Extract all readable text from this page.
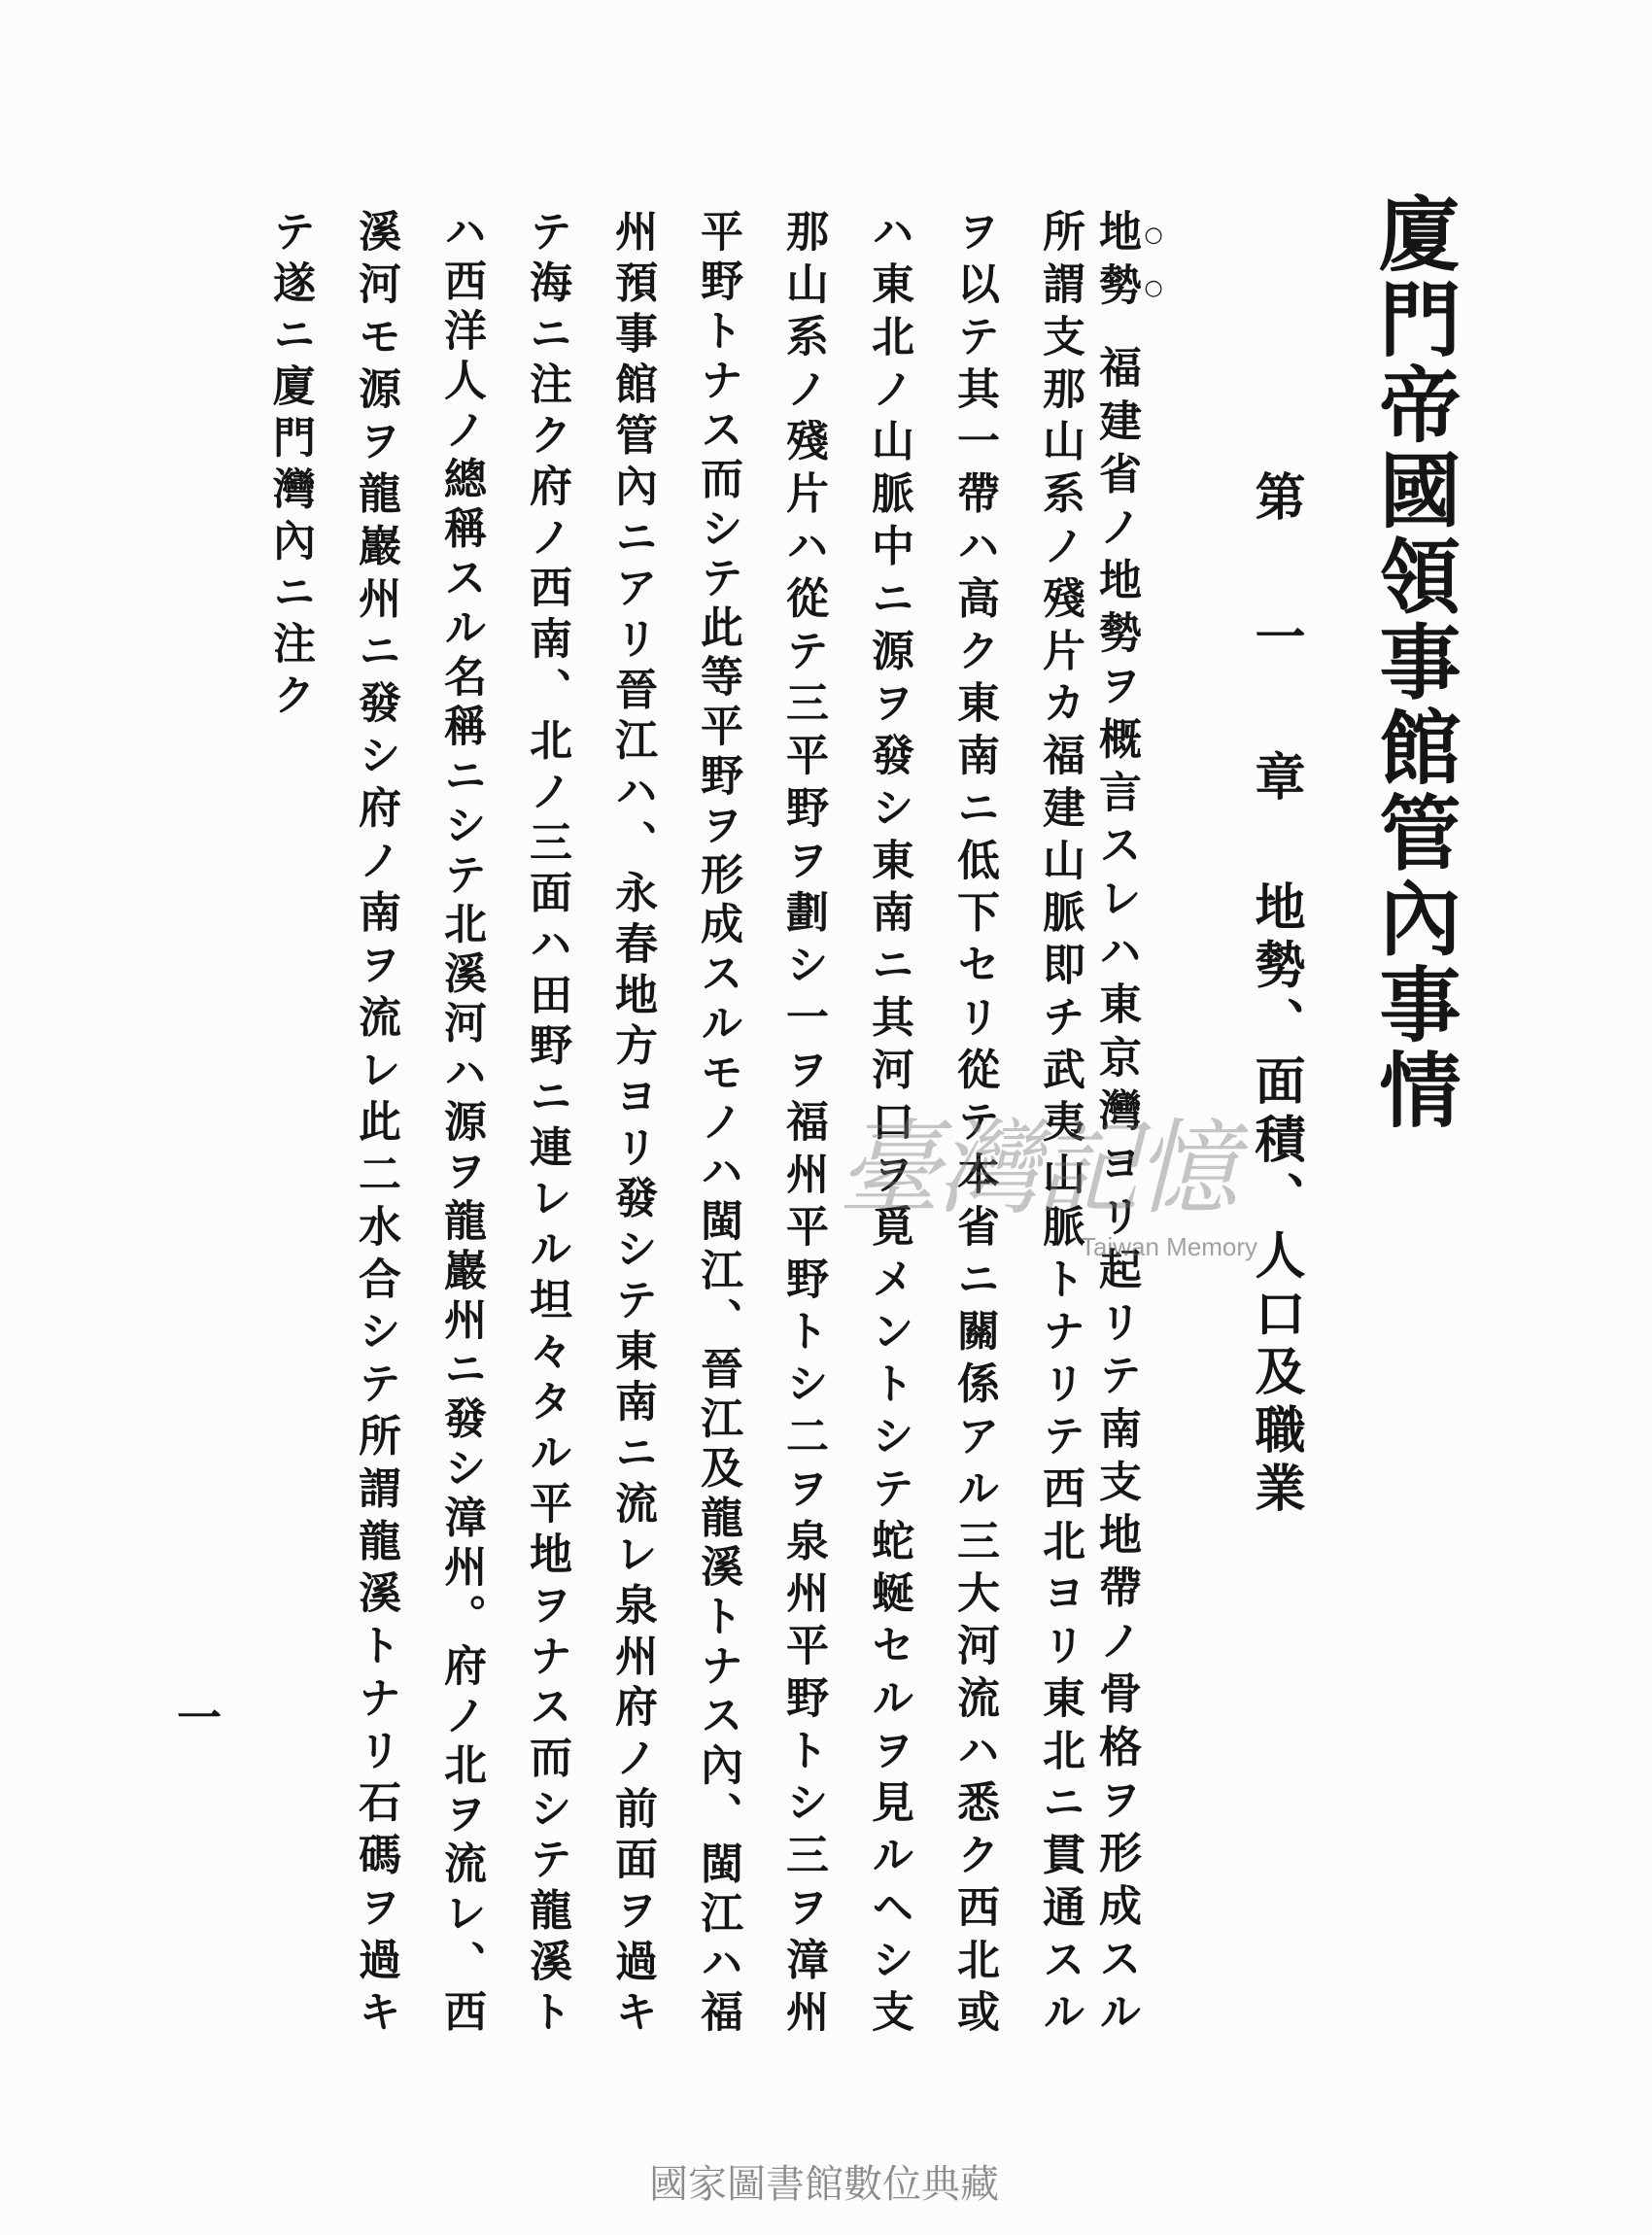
廈門帝國領事館管內事情
第一章
地勢、面積、人口及職業
地勢福建省ノ地勢ヲ概言スレハ東京灣ヨリ起リテ南支地帶ノ骨格ヲ形成スル
所謂支那山系ノ殘片カ福建山脈即チ武夷山脈トナリテ西北ヨリ東北ニ貫通スル
ヲ以テ其一帶ハ高ク東南ニ低下セリ從テ本省ニ關係アル三大河流ハ悉ク西北或
ハ東北ノ山脈中ニ源ヲ發シ東南ニ其河口ヲ覓メントシテ蛇蜒セルヲ見ルヘシ支
那山系ノ殘片ハ從テ三平野ヲ劃シ一ヲ福州平野トシ二ヲ泉州平野トシ三ヲ漳州
平野トナス而シテ此等平野ヲ形成スルモノハ閩江、晉江及龍溪トナス內、閩江ハ福
州預事館管內ニアリ晉江ハ、永春地方ヨリ發シテ東南ニ流レ泉州府ノ前面ヲ過キ
テ海ニ注ク府ノ西南、北ノ三面ハ田野ニ連レル坦々タル平地ヲナス而シテ龍溪ト
ハ西洋人ノ總稱スル名稱ニシテ北溪河ハ源ヲ龍巖州ニ發シ漳州。府ノ北ヲ流レ、西
溪河モ源ヲ龍巖州ニ發シ府ノ南ヲ流レ此二水合シテ所謂龍溪トナリ石碼ヲ過キ
テ遂ニ廈門灣內ニ注ク
一
臺灣記憶
Taiwan Memory
國家圖書館數位典藏
